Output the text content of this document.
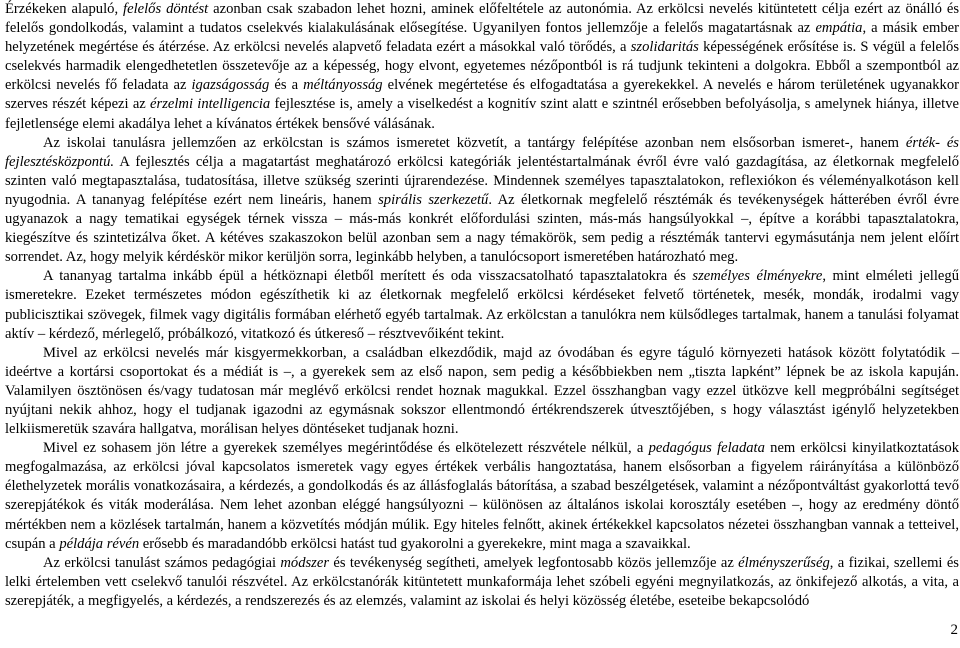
Érzékeken alapuló, felelős döntést azonban csak szabadon lehet hozni, aminek előfeltétele az autonómia. Az erkölcsi nevelés kitüntetett célja ezért az önálló és felelős gondolkodás, valamint a tudatos cselekvés kialakulásának elősegítése. Ugyanilyen fontos jellemzője a felelős magatartásnak az empátia, a másik ember helyzetének megértése és átérzése. Az erkölcsi nevelés alapvető feladata ezért a másokkal való törődés, a szolidaritás képességének erősítése is. S végül a felelős cselekvés harmadik elengedhetetlen összetevője az a képesség, hogy elvont, egyetemes nézőpontból is rá tudjunk tekinteni a dolgokra. Ebből a szempontból az erkölcsi nevelés fő feladata az igazságosság és a méltányosság elvének megértetése és elfogadtatása a gyerekekkel. A nevelés e három területének ugyanakkor szerves részét képezi az érzelmi intelligencia fejlesztése is, amely a viselkedést a kognitív szint alatt e szintnél erősebben befolyásolja, s amelynek hiánya, illetve fejletlensége elemi akadálya lehet a kívánatos értékek bensővé válásának.

Az iskolai tanulásra jellemzően az erkölcstan is számos ismeretet közvetít, a tantárgy felépítése azonban nem elsősorban ismeret-, hanem érték- és fejlesztésközpontú. A fejlesztés célja a magatartást meghatározó erkölcsi kategóriák jelentéstartalmának évről évre való gazdagítása, az életkornak megfelelő szinten való megtapasztalása, tudatosítása, illetve szükség szerinti újrarendezése. Mindennek személyes tapasztalatokon, reflexiókon és véleményalkotáson kell nyugodnia. A tananyag felépítése ezért nem lineáris, hanem spirális szerkezetű. Az életkornak megfelelő résztémák és tevékenységek hátterében évről évre ugyanazok a nagy tematikai egységek térnek vissza – más-más konkrét előfordulási szinten, más-más hangsúlyokkal –, építve a korábbi tapasztalatokra, kiegészítve és szintetizálva őket. A kétéves szakaszokon belül azonban sem a nagy témakörök, sem pedig a résztémák tantervi egymásutánja nem jelent előírt sorrendet. Az, hogy melyik kérdéskör mikor kerüljön sorra, leginkább helyben, a tanulócsoport ismeretében határozható meg.

A tananyag tartalma inkább épül a hétköznapi életből merített és oda visszacsatolható tapasztalatokra és személyes élményekre, mint elméleti jellegű ismeretekre. Ezeket természetes módon egészíthetik ki az életkornak megfelelő erkölcsi kérdéseket felvető történetek, mesék, mondák, irodalmi vagy publicisztikai szövegek, filmek vagy digitális formában elérhető egyéb tartalmak. Az erkölcstan a tanulókra nem külsődleges tartalmak, hanem a tanulási folyamat aktív – kérdező, mérlegelő, próbálkozó, vitatkozó és útkereső – résztvevőiként tekint.

Mivel az erkölcsi nevelés már kisgyermekkorban, a családban elkezdődik, majd az óvodában és egyre táguló környezeti hatások között folytatódik – ideértve a kortársi csoportokat és a médiát is –, a gyerekek sem az első napon, sem pedig a későbbiekben nem „tiszta lapként” lépnek be az iskola kapuján. Valamilyen ösztönösen és/vagy tudatosan már meglévő erkölcsi rendet hoznak magukkal. Ezzel összhangban vagy ezzel ütközve kell megpróbálni segítséget nyújtani nekik ahhoz, hogy el tudjanak igazodni az egymásnak sokszor ellentmondó értékrendszerek útvesztőjében, s hogy választást igénylő helyzetekben lelkiismeretük szavára hallgatva, morálisan helyes döntéseket tudjanak hozni.

Mivel ez sohasem jön létre a gyerekek személyes megérintődése és elkötelezett részvétele nélkül, a pedagógus feladata nem erkölcsi kinyilatkoztatások megfogalmazása, az erkölcsi jóval kapcsolatos ismeretek vagy egyes értékek verbális hangoztatása, hanem elsősorban a figyelem ráirányítása a különböző élethelyzetek morális vonatkozásaira, a kérdezés, a gondolkodás és az állásfoglalás bátorítása, a szabad beszélgetések, valamint a nézőpontváltást gyakorlottá tevő szerepjátékok és viták moderálása. Nem lehet azonban eléggé hangsúlyozni – különösen az általános iskolai korosztály esetében –, hogy az eredmény döntő mértékben nem a közlések tartalmán, hanem a közvetítés módján múlik. Egy hiteles felnőtt, akinek értékekkel kapcsolatos nézetei összhangban vannak a tetteivel, csupán a példája révén erősebb és maradandóbb erkölcsi hatást tud gyakorolni a gyerekekre, mint maga a szavaikkal.

Az erkölcsi tanulást számos pedagógiai módszer és tevékenység segítheti, amelyek legfontosabb közös jellemzője az élményszerűség, a fizikai, szellemi és lelki értelemben vett cselekvő tanulói részvétel. Az erkölcstanórák kitüntetett munkaformája lehet szóbeli egyéni megnyilatkozás, az önkifejező alkotás, a vita, a szerepjáték, a megfigyelés, a kérdezés, a rendszerezés és az elemzés, valamint az iskolai és helyi közösség életébe, eseteibe bekapcsolódó

2
